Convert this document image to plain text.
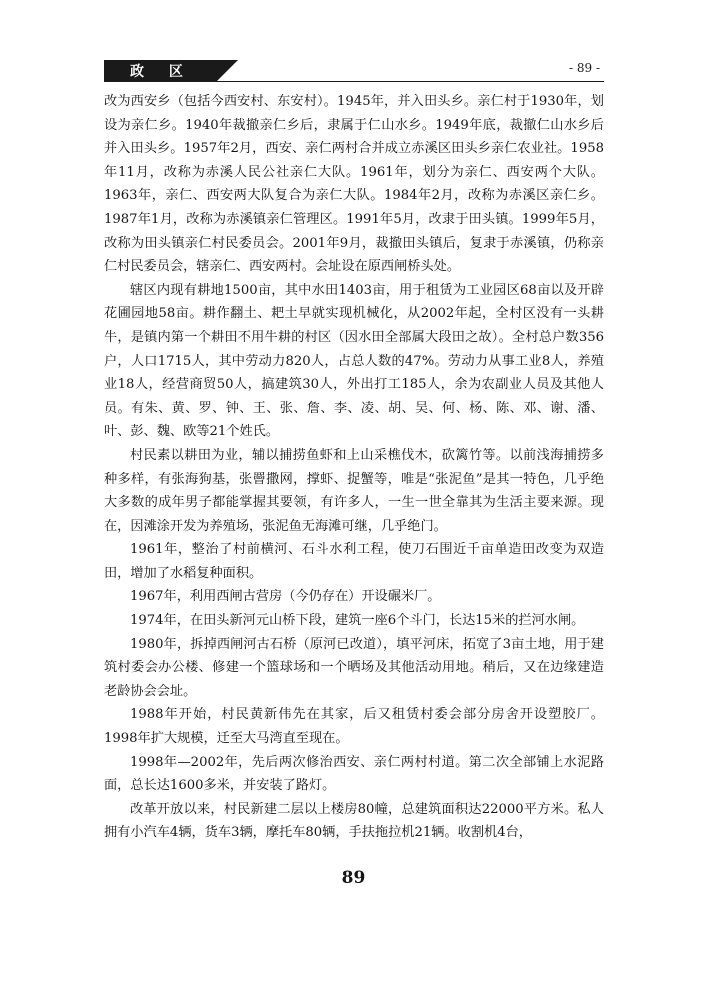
政 区	- 89 -

改为西安乡（包括今西安村、东安村）。1945年，并入田头乡。亲仁村于1930年，划设为亲仁乡。1940年裁撤亲仁乡后，隶属于仁山水乡。1949年底，裁撤仁山水乡后并入田头乡。1957年2月，西安、亲仁两村合并成立赤溪区田头乡亲仁农业社。1958年11月，改称为赤溪人民公社亲仁大队。1961年，划分为亲仁、西安两个大队。1963年，亲仁、西安两大队复合为亲仁大队。1984年2月，改称为赤溪区亲仁乡。1987年1月，改称为赤溪镇亲仁管理区。1991年5月，改隶于田头镇。1999年5月，改称为田头镇亲仁村民委员会。2001年9月，裁撤田头镇后，复隶于赤溪镇，仍称亲仁村民委员会，辖亲仁、西安两村。会址设在原西闸桥头处。

辖区内现有耕地1500亩，其中水田1403亩，用于租赁为工业园区68亩以及开辟花圃园地58亩。耕作翻土、耙土早就实现机械化，从2002年起，全村区没有一头耕牛，是镇内第一个耕田不用牛耕的村区（因水田全部属大段田之故）。全村总户数356户，人口1715人，其中劳动力820人，占总人数的47%。劳动力从事工业8人，养殖业18人，经营商贸50人，搞建筑30人，外出打工185人，余为农副业人员及其他人员。有朱、黄、罗、钟、王、张、詹、李、凌、胡、吴、何、杨、陈、邓、谢、潘、叶、彭、魏、欧等21个姓氏。

村民素以耕田为业，辅以捕捞鱼虾和上山采樵伐木，砍篱竹等。以前浅海捕捞多种多样，有张海狗基，张罾撒网，撑虾、捉蟹等，唯是“张泥鱼”是其一特色，几乎绝大多数的成年男子都能掌握其要领，有许多人，一生一世全靠其为生活主要来源。现在，因滩涂开发为养殖场，张泥鱼无海滩可继，几乎绝门。

1961年，整治了村前横河、石斗水利工程，使刀石围近千亩单造田改变为双造田，增加了水稻复种面积。

1967年，利用西闸古营房（今仍存在）开设碾米厂。

1974年，在田头新河元山桥下段，建筑一座6个斗门，长达15米的拦河水闸。

1980年，拆掉西闸河古石桥（原河已改道），填平河床，拓宽了3亩土地，用于建筑村委会办公楼、修建一个篮球场和一个晒场及其他活动用地。稍后，又在边缘建造老龄协会会址。

1988年开始，村民黄新伟先在其家，后又租赁村委会部分房舍开设塑胶厂。1998年扩大规模，迁至大马湾直至现在。

1998年—2002年，先后两次修治西安、亲仁两村村道。第二次全部铺上水泥路面，总长达1600多米，并安装了路灯。

改革开放以来，村民新建二层以上楼房80幢，总建筑面积达22000平方米。私人拥有小汽车4辆，货车3辆，摩托车80辆，手扶拖拉机21辆。收割机4台，

89
